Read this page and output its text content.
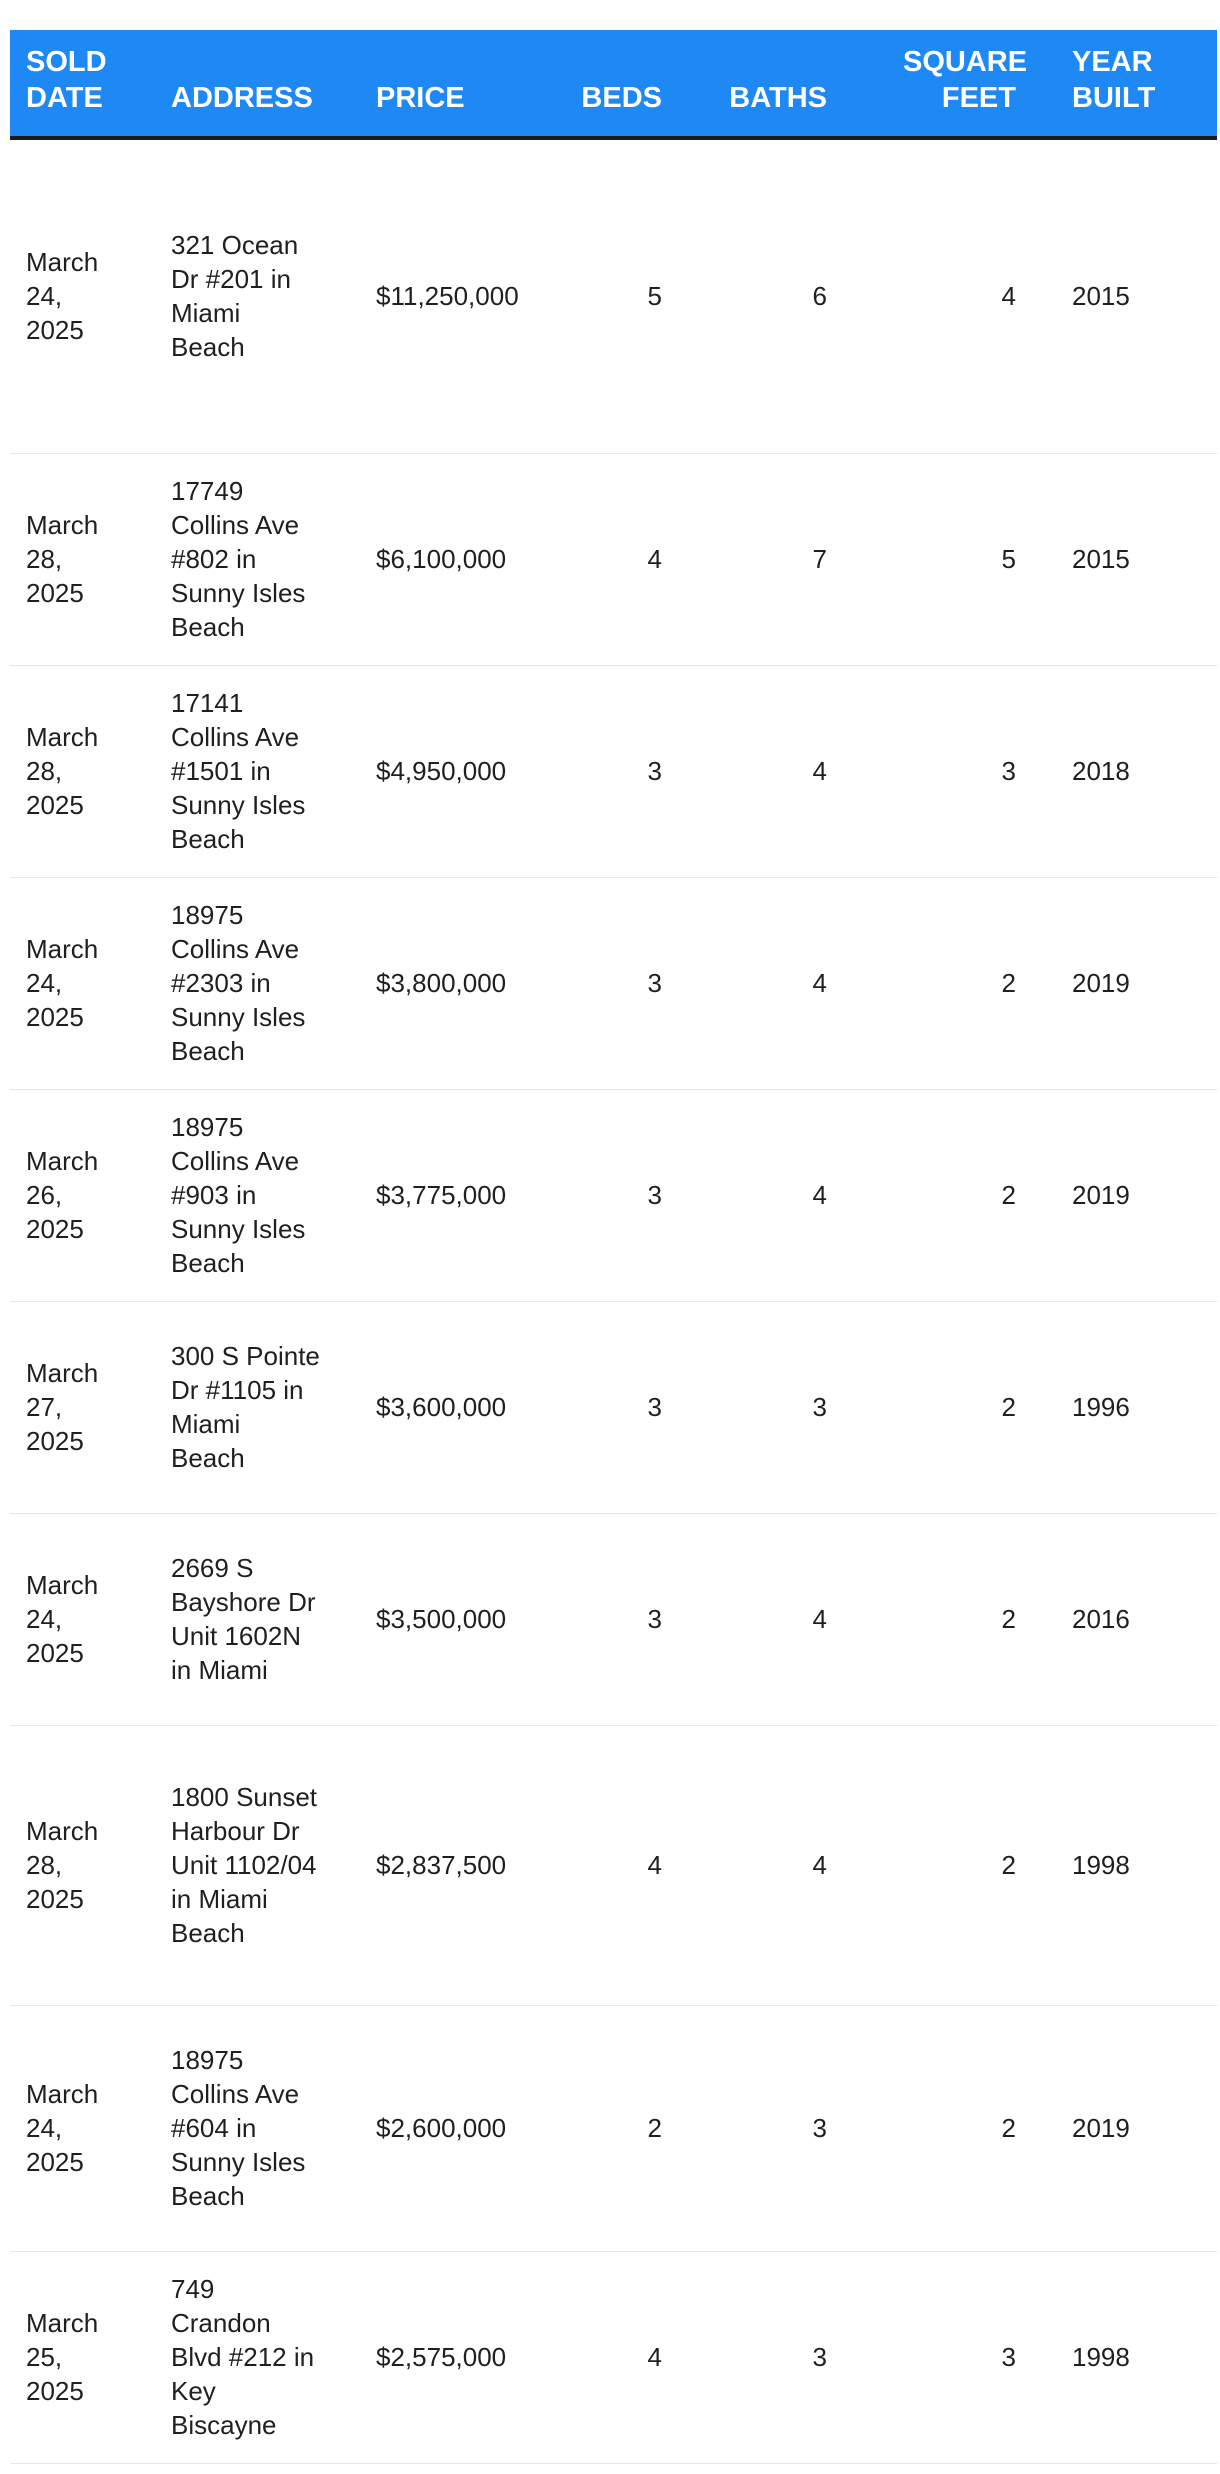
SOLD DATE	ADDRESS	PRICE	BEDS	BATHS	SQUARE FEET	YEAR BUILT

March 24, 2025	321 Ocean Dr #201 in Miami Beach	$11,250,000	5	6	4	2015

March 28, 2025	17749 Collins Ave #802 in Sunny Isles Beach	$6,100,000	4	7	5	2015

March 28, 2025	17141 Collins Ave #1501 in Sunny Isles Beach	$4,950,000	3	4	3	2018

March 24, 2025	18975 Collins Ave #2303 in Sunny Isles Beach	$3,800,000	3	4	2	2019

March 26, 2025	18975 Collins Ave #903 in Sunny Isles Beach	$3,775,000	3	4	2	2019

March 27, 2025	300 S Pointe Dr #1105 in Miami Beach	$3,600,000	3	3	2	1996

March 24, 2025	2669 S Bayshore Dr Unit 1602N in Miami	$3,500,000	3	4	2	2016

March 28, 2025	1800 Sunset Harbour Dr Unit 1102/04 in Miami Beach	$2,837,500	4	4	2	1998

March 24, 2025	18975 Collins Ave #604 in Sunny Isles Beach	$2,600,000	2	3	2	2019

March 25, 2025	749 Crandon Blvd #212 in Key Biscayne	$2,575,000	4	3	3	1998
